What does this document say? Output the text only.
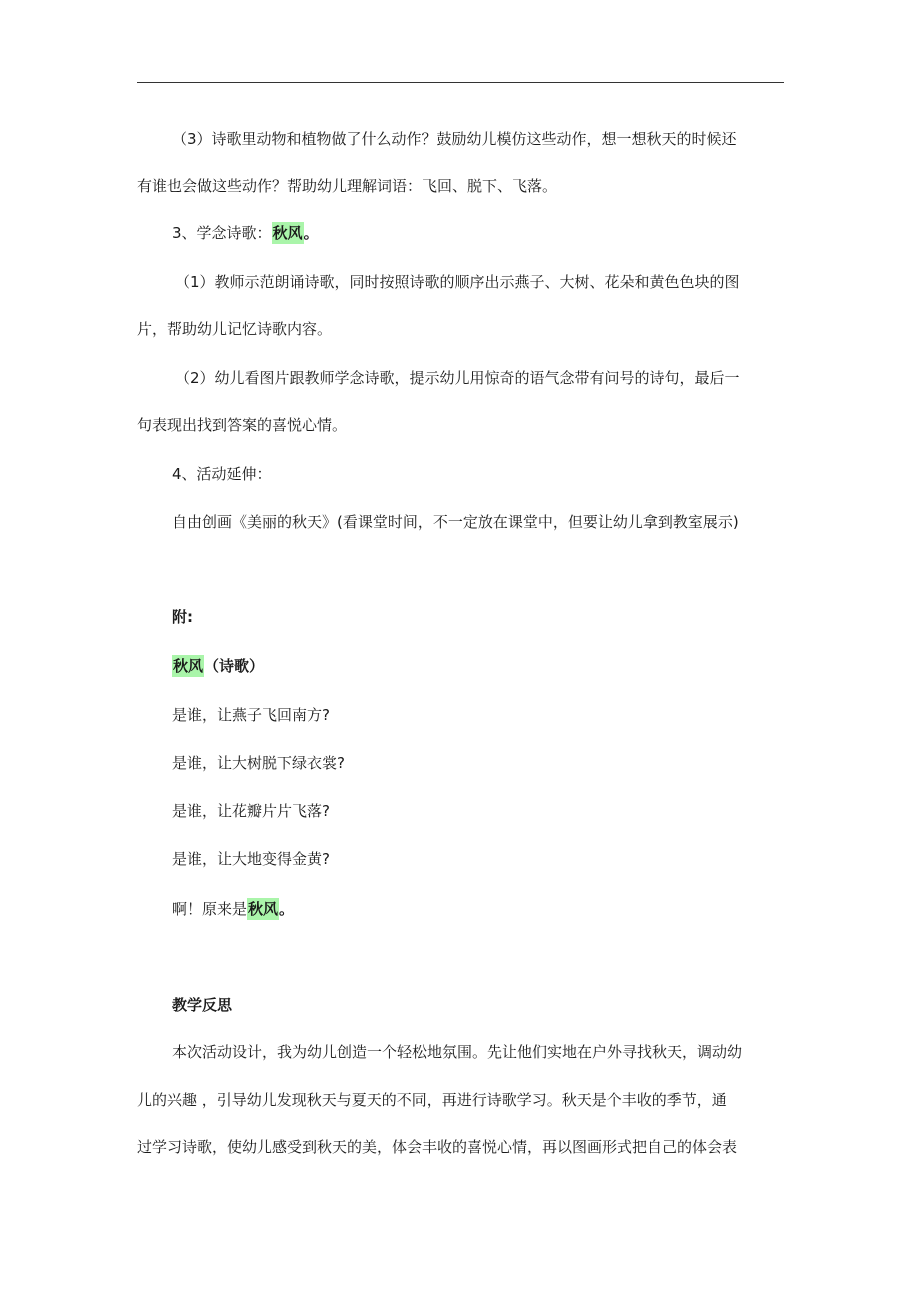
（3）诗歌里动物和植物做了什么动作？鼓励幼儿模仿这些动作，想一想秋天的时候还
有谁也会做这些动作？帮助幼儿理解词语：飞回、脱下、飞落。
3、学念诗歌：秋风。
（1）教师示范朗诵诗歌，同时按照诗歌的顺序出示燕子、大树、花朵和黄色色块的图
片，帮助幼儿记忆诗歌内容。
（2）幼儿看图片跟教师学念诗歌，提示幼儿用惊奇的语气念带有问号的诗句，最后一
句表现出找到答案的喜悦心情。
4、活动延伸：
自由创画《美丽的秋天》(看课堂时间，不一定放在课堂中，但要让幼儿拿到教室展示)
附:
秋风（诗歌）
是谁，让燕子飞回南方?
是谁，让大树脱下绿衣裳?
是谁，让花瓣片片飞落?
是谁，让大地变得金黄?
啊！原来是秋风。
教学反思
本次活动设计，我为幼儿创造一个轻松地氛围。先让他们实地在户外寻找秋天，调动幼
儿的兴趣 ，引导幼儿发现秋天与夏天的不同，再进行诗歌学习。秋天是个丰收的季节，通
过学习诗歌，使幼儿感受到秋天的美，体会丰收的喜悦心情，再以图画形式把自己的体会表
